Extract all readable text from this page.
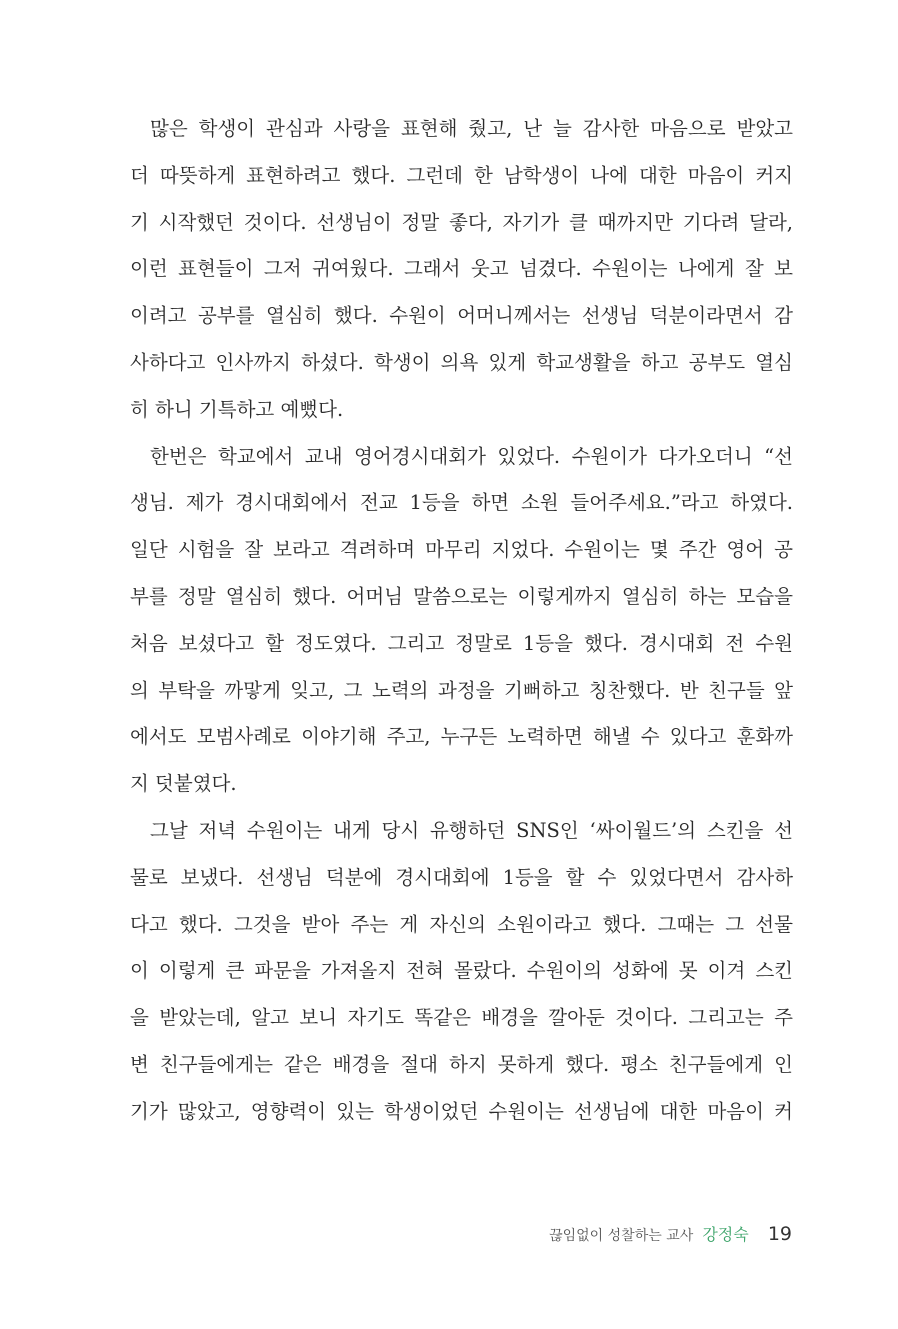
많은 학생이 관심과 사랑을 표현해 줬고, 난 늘 감사한 마음으로 받았고
더 따뜻하게 표현하려고 했다. 그런데 한 남학생이 나에 대한 마음이 커지
기 시작했던 것이다. 선생님이 정말 좋다, 자기가 클 때까지만 기다려 달라,
이런 표현들이 그저 귀여웠다. 그래서 웃고 넘겼다. 수원이는 나에게 잘 보
이려고 공부를 열심히 했다. 수원이 어머니께서는 선생님 덕분이라면서 감
사하다고 인사까지 하셨다. 학생이 의욕 있게 학교생활을 하고 공부도 열심
히 하니 기특하고 예뻤다.
한번은 학교에서 교내 영어경시대회가 있었다. 수원이가 다가오더니 “선
생님. 제가 경시대회에서 전교 1등을 하면 소원 들어주세요.”라고 하였다.
일단 시험을 잘 보라고 격려하며 마무리 지었다. 수원이는 몇 주간 영어 공
부를 정말 열심히 했다. 어머님 말씀으로는 이렇게까지 열심히 하는 모습을
처음 보셨다고 할 정도였다. 그리고 정말로 1등을 했다. 경시대회 전 수원
의 부탁을 까맣게 잊고, 그 노력의 과정을 기뻐하고 칭찬했다. 반 친구들 앞
에서도 모범사례로 이야기해 주고, 누구든 노력하면 해낼 수 있다고 훈화까
지 덧붙였다.
그날 저녁 수원이는 내게 당시 유행하던 SNS인 ‘싸이월드’의 스킨을 선
물로 보냈다. 선생님 덕분에 경시대회에 1등을 할 수 있었다면서 감사하
다고 했다. 그것을 받아 주는 게 자신의 소원이라고 했다. 그때는 그 선물
이 이렇게 큰 파문을 가져올지 전혀 몰랐다. 수원이의 성화에 못 이겨 스킨
을 받았는데, 알고 보니 자기도 똑같은 배경을 깔아둔 것이다. 그리고는 주
변 친구들에게는 같은 배경을 절대 하지 못하게 했다. 평소 친구들에게 인
기가 많았고, 영향력이 있는 학생이었던 수원이는 선생님에 대한 마음이 커
끊임없이 성찰하는 교사 강정숙 19
